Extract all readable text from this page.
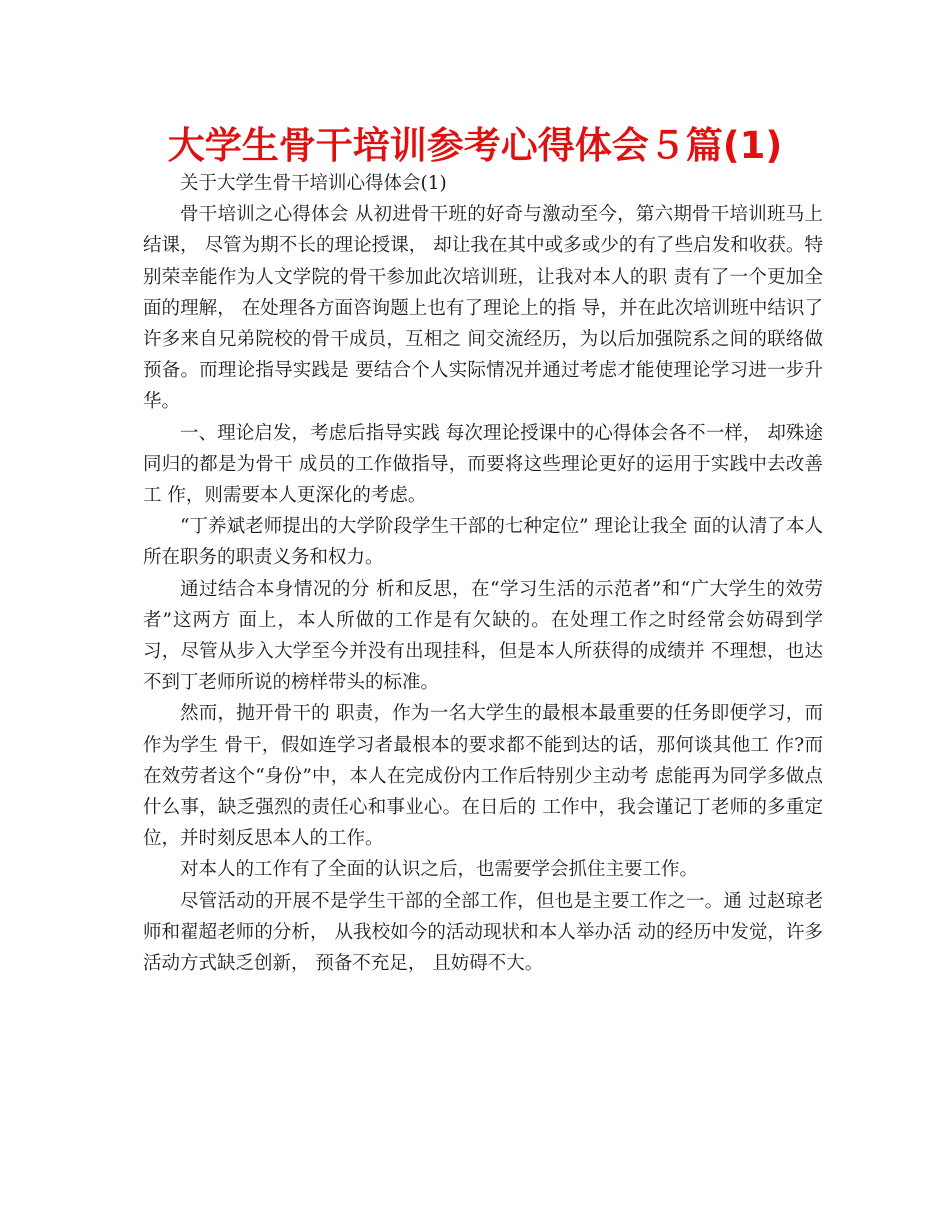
大学生骨干培训参考心得体会５篇(1)

关于大学生骨干培训心得体会(1)

骨干培训之心得体会 从初进骨干班的好奇与激动至今，第六期骨干培训班马上结课， 尽管为期不长的理论授课， 却让我在其中或多或少的有了些启发和收获。特别荣幸能作为人文学院的骨干参加此次培训班，让我对本人的职 责有了一个更加全面的理解， 在处理各方面咨询题上也有了理论上的指 导，并在此次培训班中结识了许多来自兄弟院校的骨干成员，互相之 间交流经历，为以后加强院系之间的联络做预备。而理论指导实践是 要结合个人实际情况并通过考虑才能使理论学习进一步升华。

一、理论启发，考虑后指导实践 每次理论授课中的心得体会各不一样， 却殊途同归的都是为骨干 成员的工作做指导，而要将这些理论更好的运用于实践中去改善工 作，则需要本人更深化的考虑。

“丁养斌老师提出的大学阶段学生干部的七种定位” 理论让我全 面的认清了本人所在职务的职责义务和权力。

通过结合本身情况的分 析和反思，在“学习生活的示范者”和“广大学生的效劳者”这两方 面上，本人所做的工作是有欠缺的。在处理工作之时经常会妨碍到学 习，尽管从步入大学至今并没有出现挂科，但是本人所获得的成绩并 不理想，也达不到丁老师所说的榜样带头的标准。

然而，抛开骨干的 职责，作为一名大学生的最根本最重要的任务即便学习，而作为学生 骨干，假如连学习者最根本的要求都不能到达的话，那何谈其他工 作?而在效劳者这个“身份”中，本人在完成份内工作后特别少主动考 虑能再为同学多做点什么事，缺乏强烈的责任心和事业心。在日后的 工作中，我会谨记丁老师的多重定位，并时刻反思本人的工作。

对本人的工作有了全面的认识之后，也需要学会抓住主要工作。

尽管活动的开展不是学生干部的全部工作，但也是主要工作之一。通 过赵琼老师和翟超老师的分析， 从我校如今的活动现状和本人举办活 动的经历中发觉，许多活动方式缺乏创新， 预备不充足， 且妨碍不大。
